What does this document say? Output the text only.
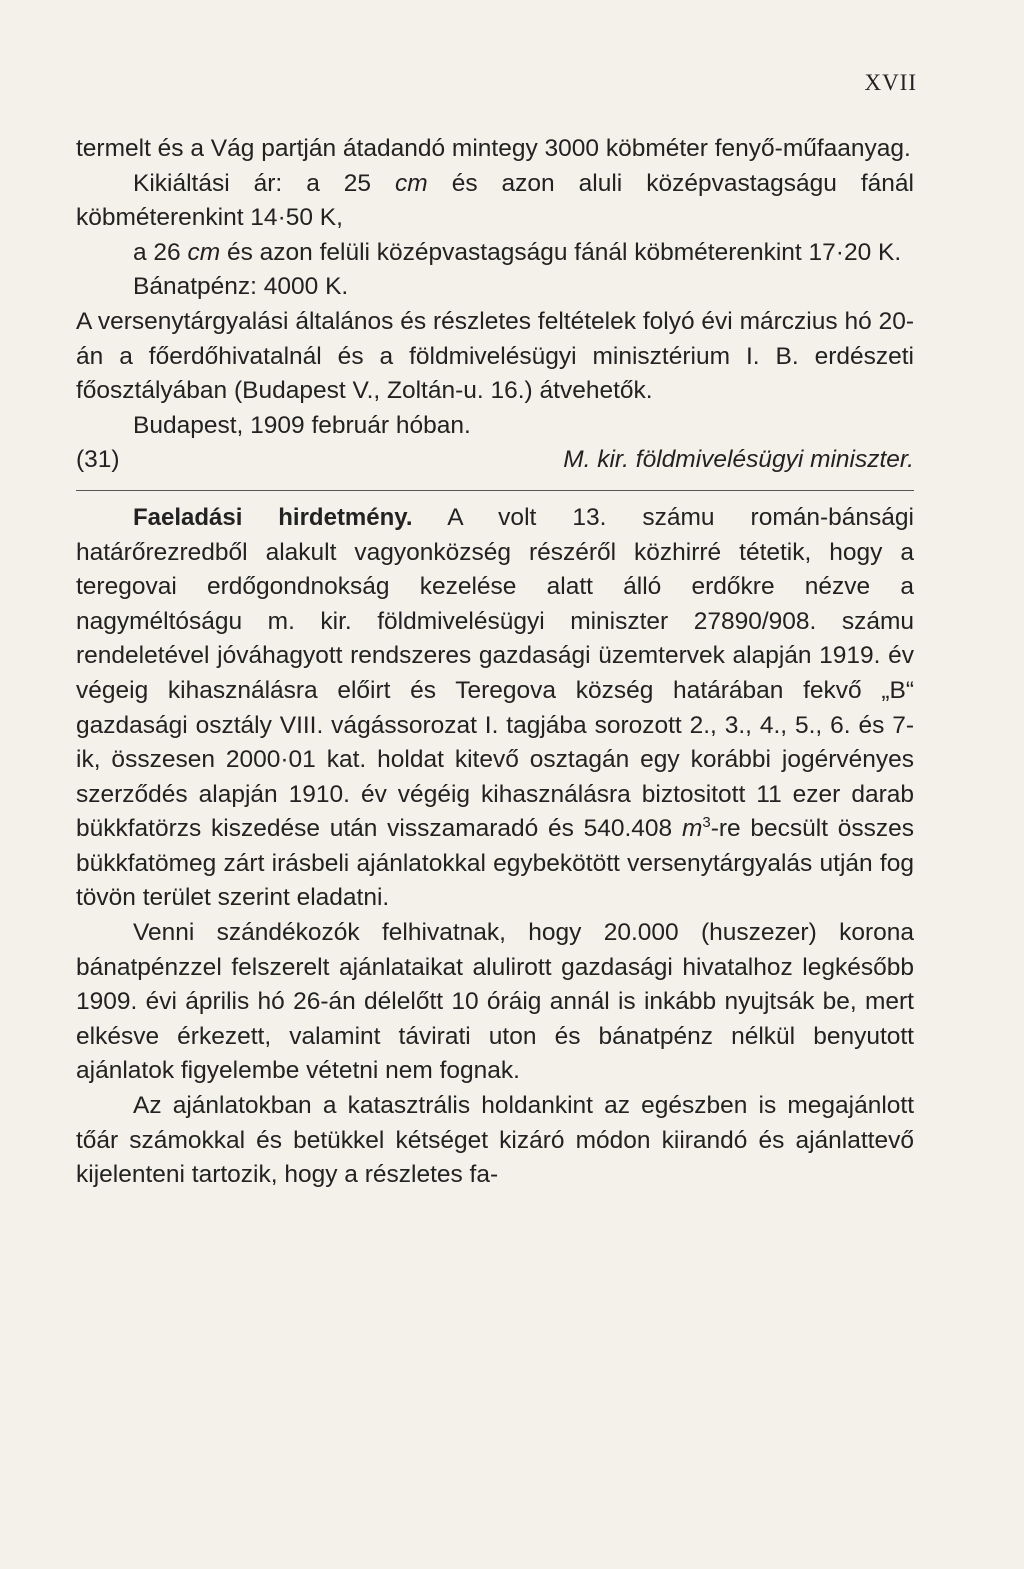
XVII

termelt és a Vág partján átadandó mintegy 3000 köbméter fenyő-műfaanyag.

Kikiáltási ár: a 25 cm és azon aluli középvastagságu fánál köbméterenkint 14·50 K,

a 26 cm és azon felüli középvastagságu fánál köbméterenkint 17·20 K.

Bánatpénz: 4000 K.

A versenytárgyalási általános és részletes feltételek folyó évi márczius hó 20-án a főerdőhivatalnál és a földmivelésügyi minisztérium I. B. erdészeti főosztályában (Budapest V., Zoltán-u. 16.) átvehetők.

Budapest, 1909 február hóban.

(31)	M. kir. földmivelésügyi miniszter.

Faeladási hirdetmény. A volt 13. számu román-bánsági határőrezredből alakult vagyonközség részéről közhirré tétetik, hogy a teregovai erdőgondnokság kezelése alatt álló erdőkre nézve a nagyméltóságu m. kir. földmivelésügyi miniszter 27890/908. számu rendeletével jóváhagyott rendszeres gazdasági üzemtervek alapján 1919. év végeig kihasználásra előirt és Teregova község határában fekvő „B“ gazdasági osztály VIII. vágássorozat I. tagjába sorozott 2., 3., 4., 5., 6. és 7-ik, összesen 2000·01 kat. holdat kitevő osztagán egy korábbi jogérvényes szerződés alapján 1910. év végéig kihasználásra biztositott 11 ezer darab bükkfatörzs kiszedése után visszamaradó és 540.408 $m^3-re$ becsült összes bükkfatömeg zárt irásbeli ajánlatokkal egybekötött versenytárgyalás utján fog tövön terület szerint eladatni.

Venni szándékozók felhivatnak, hogy 20.000 (huszezer) korona bánatpénzzel felszerelt ajánlataikat alulirott gazdasági hivatalhoz legkésőbb 1909. évi április hó 26-án délelőtt 10 óráig annál is inkább nyujtsák be, mert elkésve érkezett, valamint távirati uton és bánatpénz nélkül benyutott ajánlatok figyelembe vétetni nem fognak.

Az ajánlatokban a katasztrális holdankint az egészben is megajánlott tőár számokkal és betükkel kétséget kizáró módon kiirandó és ajánlattevő kijelenteni tartozik, hogy a részletes fa-
